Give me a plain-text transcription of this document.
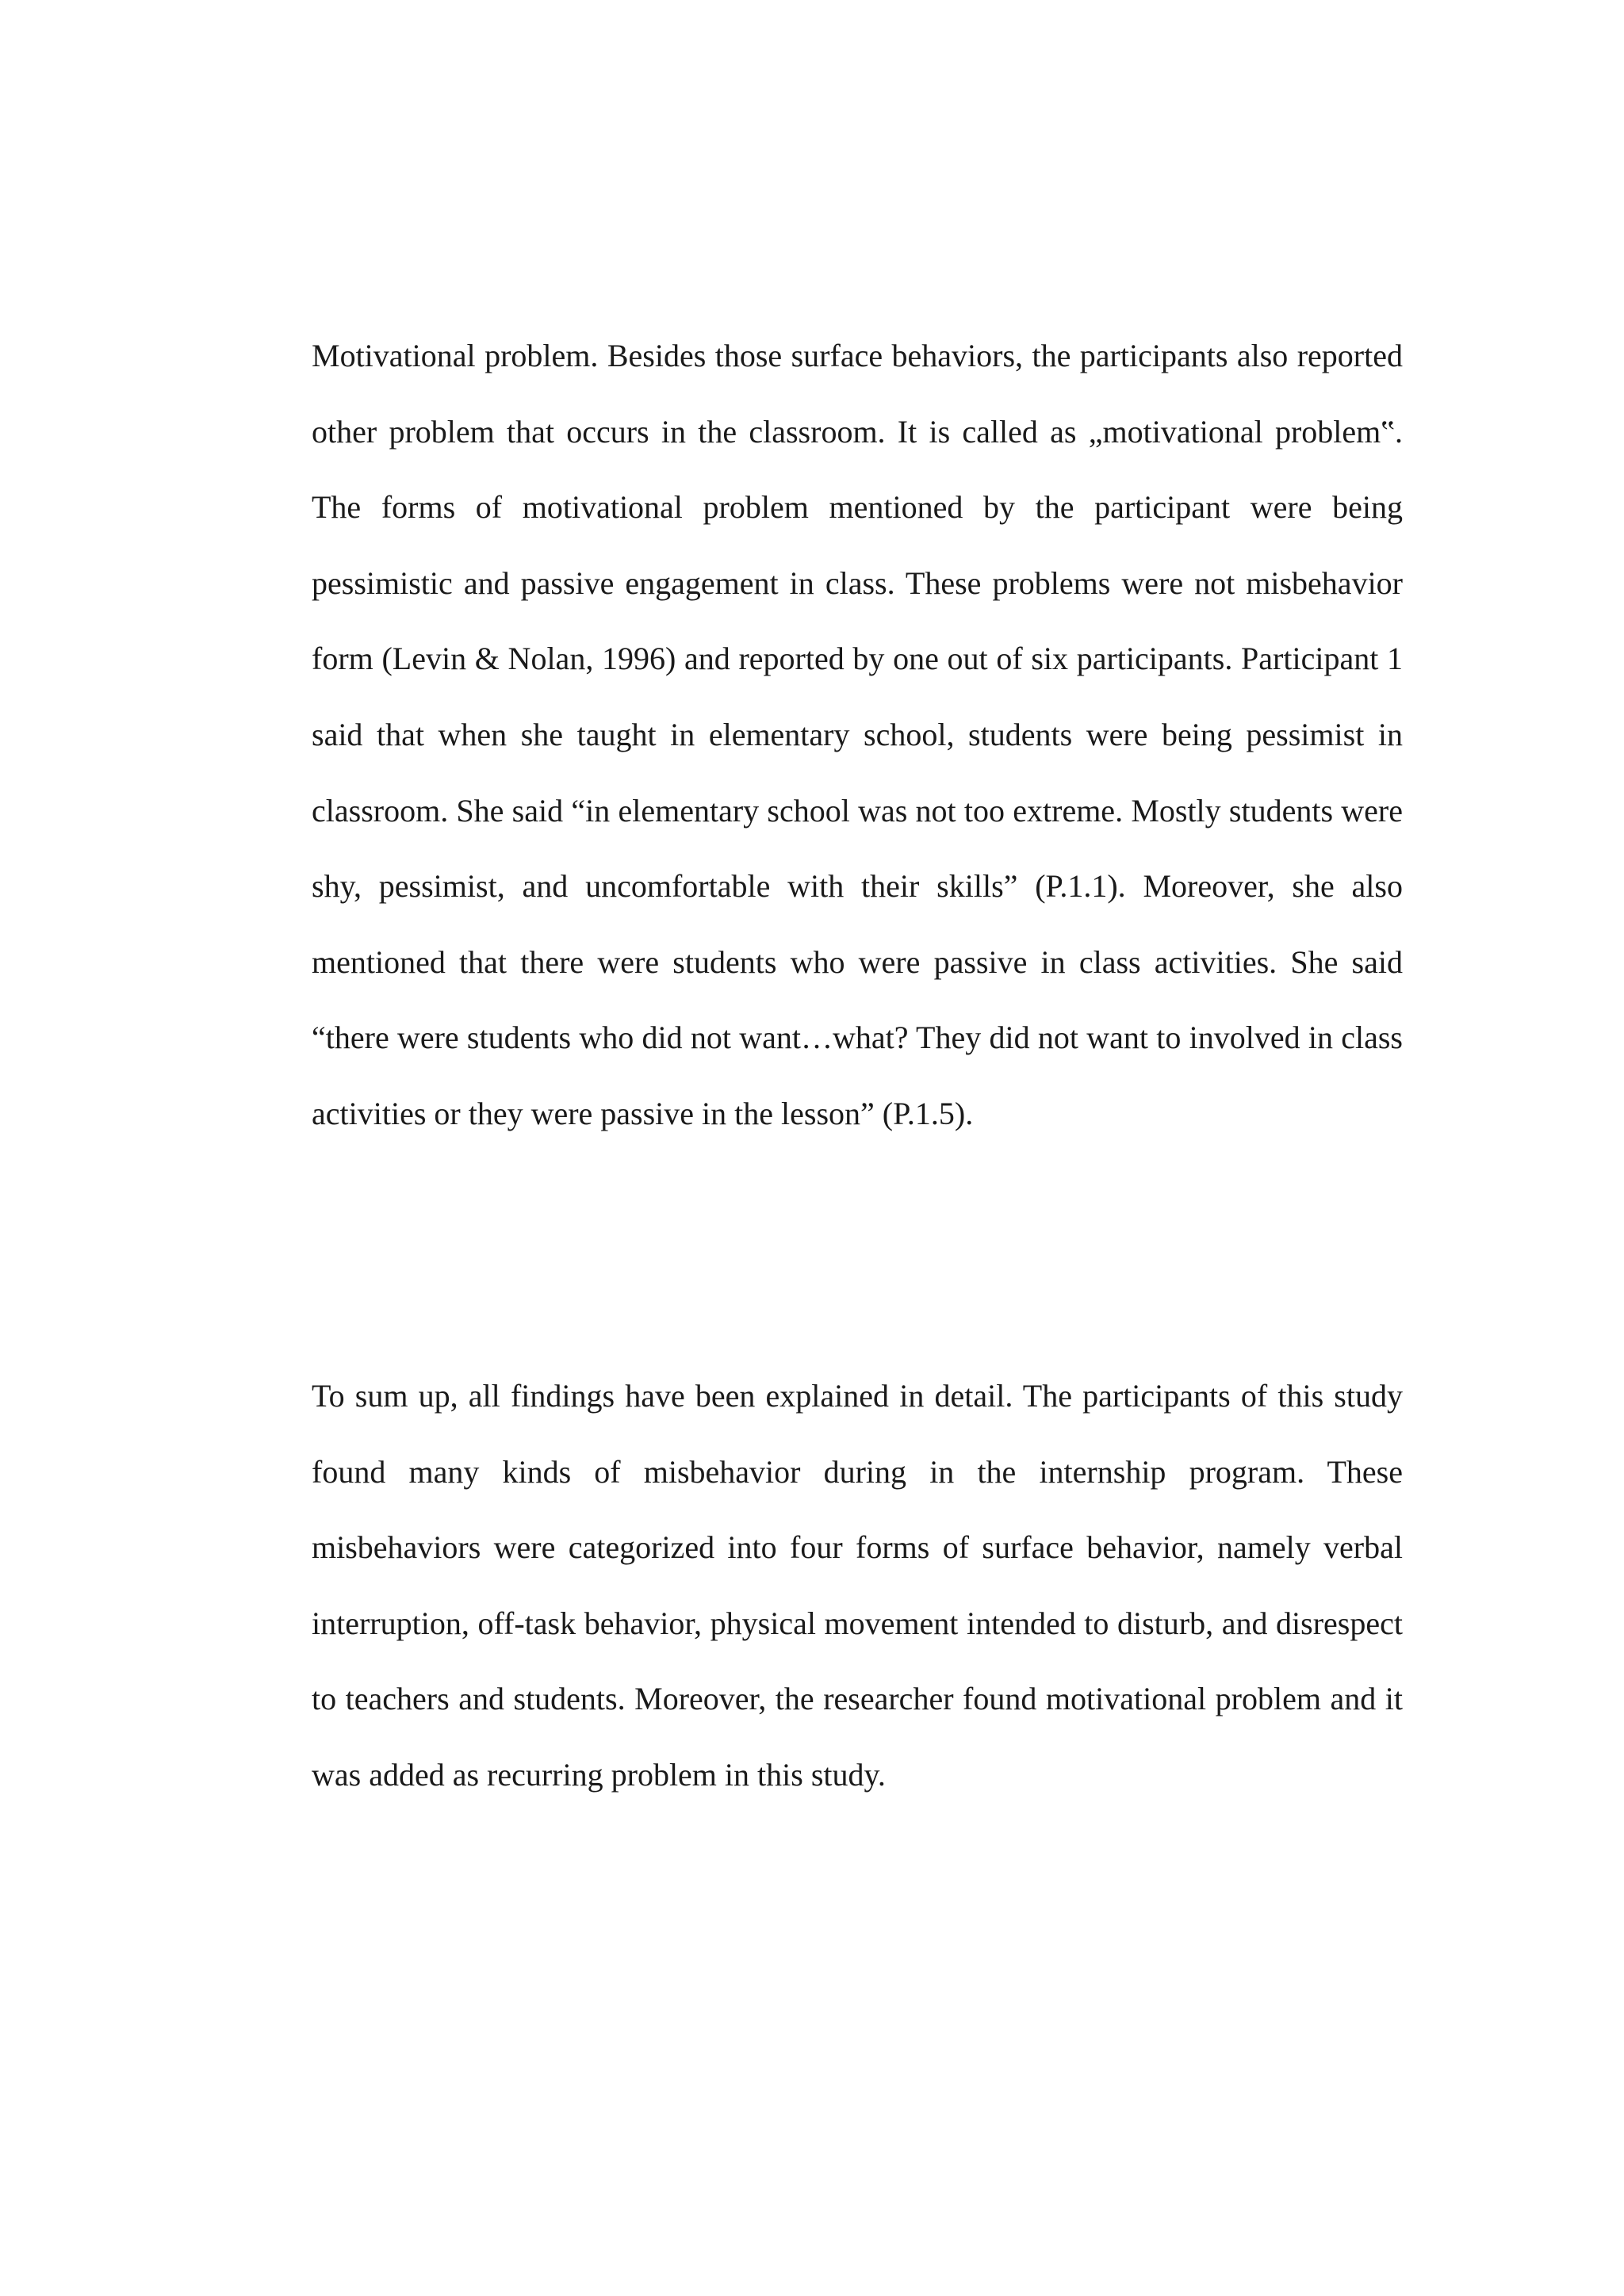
Motivational problem. Besides those surface behaviors, the participants also reported other problem that occurs in the classroom. It is called as „motivational problem‟. The forms of motivational problem mentioned by the participant were being pessimistic and passive engagement in class. These problems were not misbehavior form (Levin & Nolan, 1996) and reported by one out of six participants. Participant 1 said that when she taught in elementary school, students were being pessimist in classroom. She said “in elementary school was not too extreme. Mostly students were shy, pessimist, and uncomfortable with their skills” (P.1.1). Moreover, she also mentioned that there were students who were passive in class activities. She said “there were students who did not want…what? They did not want to involved in class activities or they were passive in the lesson” (P.1.5).

To sum up, all findings have been explained in detail. The participants of this study found many kinds of misbehavior during in the internship program. These misbehaviors were categorized into four forms of surface behavior, namely verbal interruption, off-task behavior, physical movement intended to disturb, and disrespect to teachers and students. Moreover, the researcher found motivational problem and it was added as recurring problem in this study.
